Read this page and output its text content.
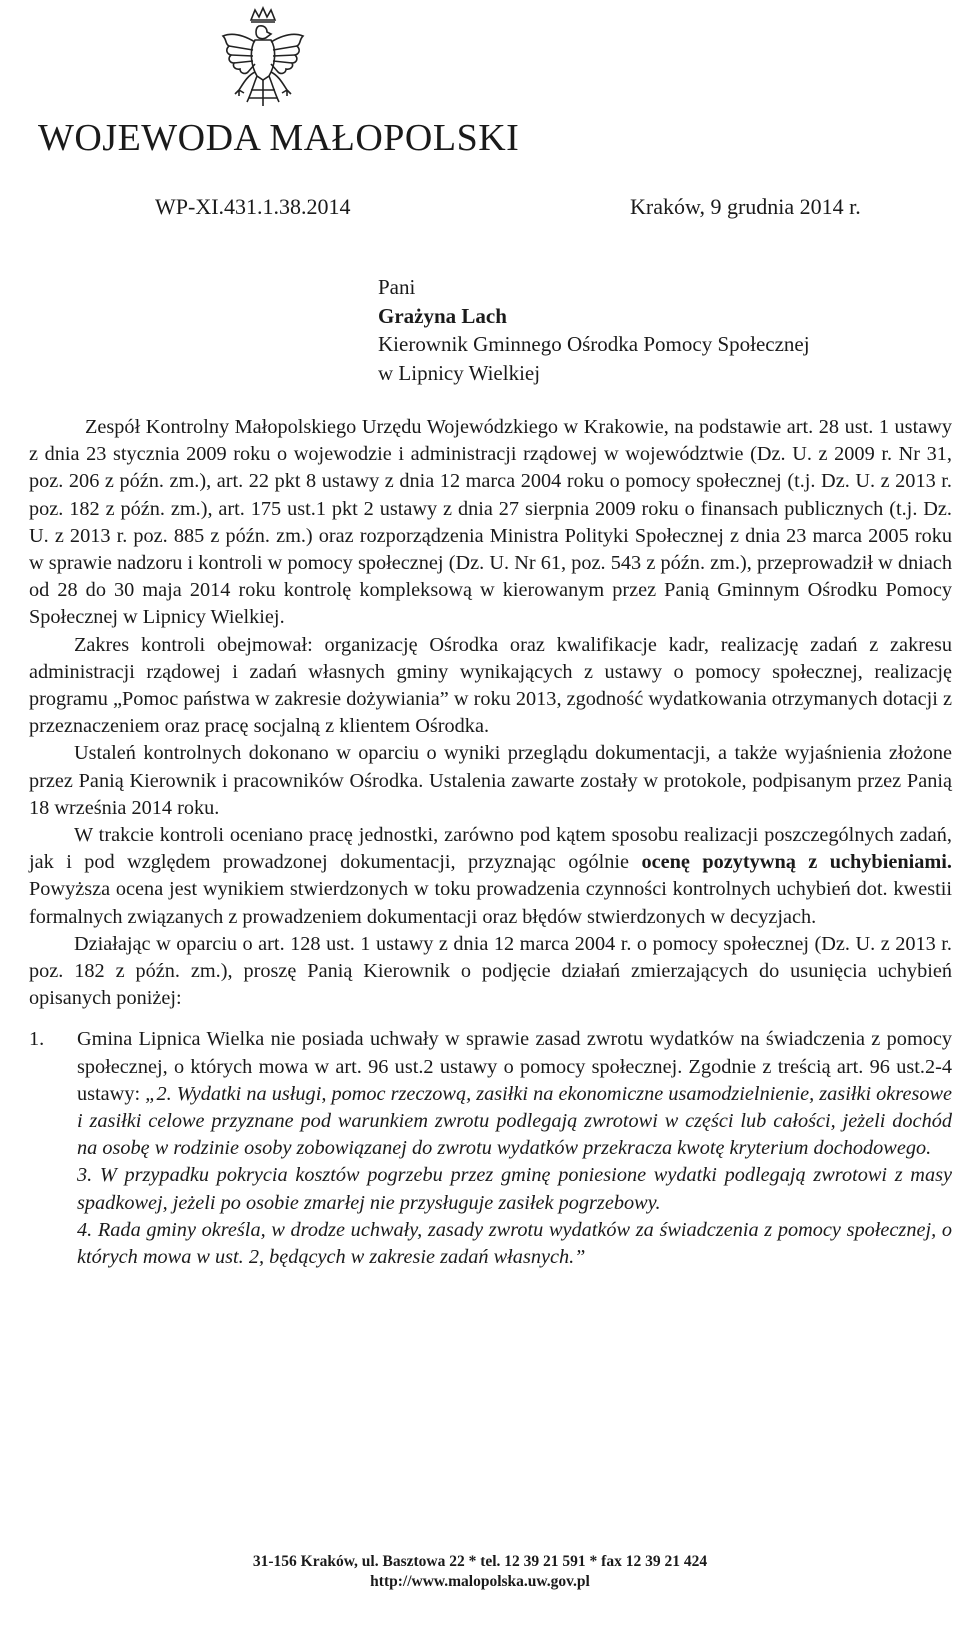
WOJEWODA MAŁOPOLSKI
WP-XI.431.1.38.2014	Kraków, 9 grudnia 2014 r.
Pani
Grażyna Lach
Kierownik Gminnego Ośrodka Pomocy Społecznej
w Lipnicy Wielkiej

Zespół Kontrolny Małopolskiego Urzędu Wojewódzkiego w Krakowie, na podstawie art. 28 ust. 1 ustawy z dnia 23 stycznia 2009 roku o wojewodzie i administracji rządowej w województwie (Dz. U. z 2009 r. Nr 31, poz. 206 z późn. zm.), art. 22 pkt 8 ustawy z dnia 12 marca 2004 roku o pomocy społecznej (t.j. Dz. U. z 2013 r. poz. 182 z późn. zm.), art. 175 ust.1 pkt 2 ustawy z dnia 27 sierpnia 2009 roku o finansach publicznych (t.j. Dz. U. z 2013 r. poz. 885 z późn. zm.) oraz rozporządzenia Ministra Polityki Społecznej z dnia 23 marca 2005 roku w sprawie nadzoru i kontroli w pomocy społecznej (Dz. U. Nr 61, poz. 543 z późn. zm.), przeprowadził w dniach od 28 do 30 maja 2014 roku kontrolę kompleksową w kierowanym przez Panią Gminnym Ośrodku Pomocy Społecznej w Lipnicy Wielkiej.

Zakres kontroli obejmował: organizację Ośrodka oraz kwalifikacje kadr, realizację zadań z zakresu administracji rządowej i zadań własnych gminy wynikających z ustawy o pomocy społecznej, realizację programu „Pomoc państwa w zakresie dożywiania” w roku 2013, zgodność wydatkowania otrzymanych dotacji z przeznaczeniem oraz pracę socjalną z klientem Ośrodka.

Ustaleń kontrolnych dokonano w oparciu o wyniki przeglądu dokumentacji, a także wyjaśnienia złożone przez Panią Kierownik i pracowników Ośrodka. Ustalenia zawarte zostały w protokole, podpisanym przez Panią 18 września 2014 roku.

W trakcie kontroli oceniano pracę jednostki, zarówno pod kątem sposobu realizacji poszczególnych zadań, jak i pod względem prowadzonej dokumentacji, przyznając ogólnie ocenę pozytywną z uchybieniami. Powyższa ocena jest wynikiem stwierdzonych w toku prowadzenia czynności kontrolnych uchybień dot. kwestii formalnych związanych z prowadzeniem dokumentacji oraz błędów stwierdzonych w decyzjach.

Działając w oparciu o art. 128 ust. 1 ustawy z dnia 12 marca 2004 r. o pomocy społecznej (Dz. U. z 2013 r. poz. 182 z późn. zm.), proszę Panią Kierownik o podjęcie działań zmierzających do usunięcia uchybień opisanych poniżej:

1.	Gmina Lipnica Wielka nie posiada uchwały w sprawie zasad zwrotu wydatków na świadczenia z pomocy społecznej, o których mowa w art. 96 ust.2 ustawy o pomocy społecznej. Zgodnie z treścią art. 96 ust.2-4 ustawy: „2. Wydatki na usługi, pomoc rzeczową, zasiłki na ekonomiczne usamodzielnienie, zasiłki okresowe i zasiłki celowe przyznane pod warunkiem zwrotu podlegają zwrotowi w części lub całości, jeżeli dochód na osobę w rodzinie osoby zobowiązanej do zwrotu wydatków przekracza kwotę kryterium dochodowego.

3. W przypadku pokrycia kosztów pogrzebu przez gminę poniesione wydatki podlegają zwrotowi z masy spadkowej, jeżeli po osobie zmarłej nie przysługuje zasiłek pogrzebowy.

4. Rada gminy określa, w drodze uchwały, zasady zwrotu wydatków za świadczenia z pomocy społecznej, o których mowa w ust. 2, będących w zakresie zadań własnych.”

31-156 Kraków, ul. Basztowa 22 * tel. 12 39 21 591 * fax 12 39 21 424
http://www.malopolska.uw.gov.pl
